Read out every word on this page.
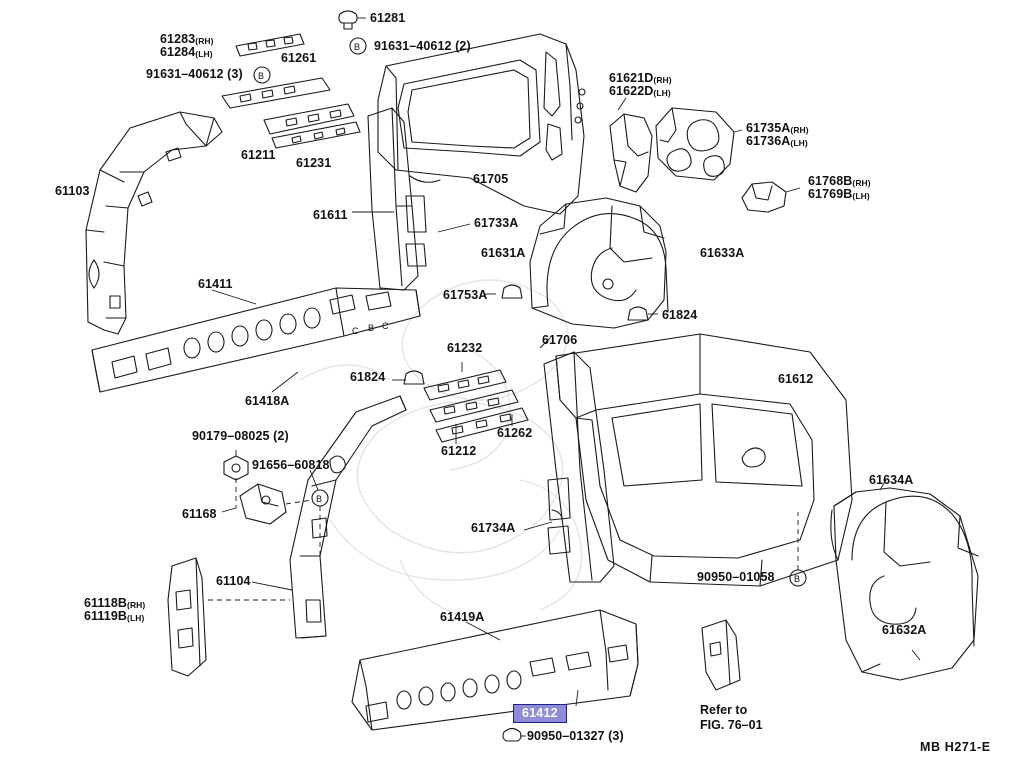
B
B
C B C
B
B
61281
91631–40612 (2)
61283(RH)
61284(LH)
91631–40612 (3)
61261
61211
61231
61103
61621D(RH)
61622D(LH)
61735A(RH)
61736A(LH)
61768B(RH)
61769B(LH)
61705
61611
61733A
61631A	61633A
61753A
61411
61418A
61824
61706
61232
61824	61612
61212
61262
90179–08025 (2)
91656–60818
61168
61634A
61734A
90950–01058
61104
61118B(RH)
61119B(LH)	61419A
61632A
90950–01327 (3)
61412	Refer to
FIG. 76–01
MB H271-E
